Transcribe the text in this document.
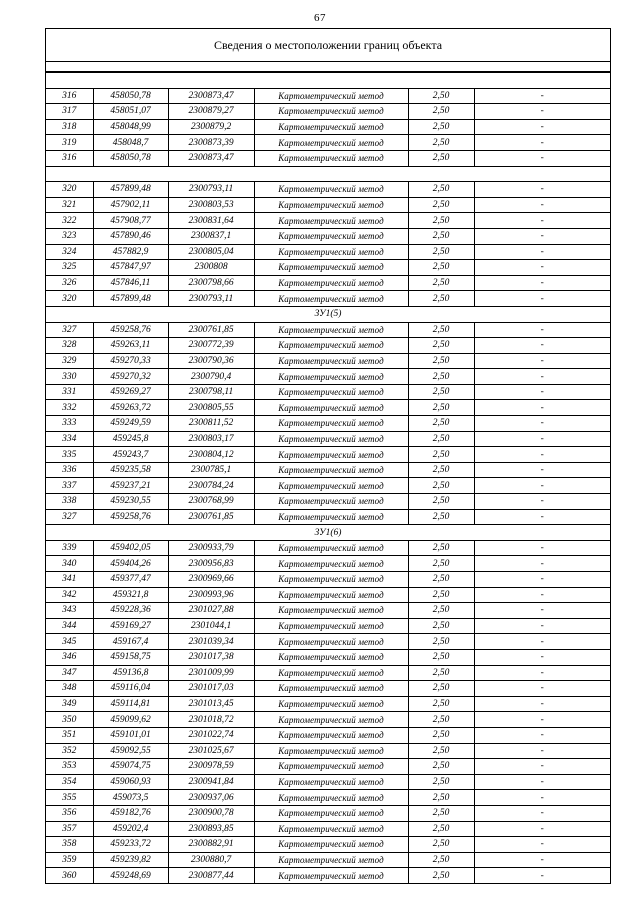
67
Сведения о местоположении границ объекта

316	458050,78	2300873,47	Картометрический метод	2,50	-
317	458051,07	2300879,27	Картометрический метод	2,50	-
318	458048,99	2300879,2	Картометрический метод	2,50	-
319	458048,7	2300873,39	Картометрический метод	2,50	-
316	458050,78	2300873,47	Картометрический метод	2,50	-

320	457899,48	2300793,11	Картометрический метод	2,50	-
321	457902,11	2300803,53	Картометрический метод	2,50	-
322	457908,77	2300831,64	Картометрический метод	2,50	-
323	457890,46	2300837,1	Картометрический метод	2,50	-
324	457882,9	2300805,04	Картометрический метод	2,50	-
325	457847,97	2300808	Картометрический метод	2,50	-
326	457846,11	2300798,66	Картометрический метод	2,50	-
320	457899,48	2300793,11	Картометрический метод	2,50	-
ЗУ1(5)					
327	459258,76	2300761,85	Картометрический метод	2,50	-
328	459263,11	2300772,39	Картометрический метод	2,50	-
329	459270,33	2300790,36	Картометрический метод	2,50	-
330	459270,32	2300790,4	Картометрический метод	2,50	-
331	459269,27	2300798,11	Картометрический метод	2,50	-
332	459263,72	2300805,55	Картометрический метод	2,50	-
333	459249,59	2300811,52	Картометрический метод	2,50	-
334	459245,8	2300803,17	Картометрический метод	2,50	-
335	459243,7	2300804,12	Картометрический метод	2,50	-
336	459235,58	2300785,1	Картометрический метод	2,50	-
337	459237,21	2300784,24	Картометрический метод	2,50	-
338	459230,55	2300768,99	Картометрический метод	2,50	-
327	459258,76	2300761,85	Картометрический метод	2,50	-
ЗУ1(6)					
339	459402,05	2300933,79	Картометрический метод	2,50	-
340	459404,26	2300956,83	Картометрический метод	2,50	-
341	459377,47	2300969,66	Картометрический метод	2,50	-
342	459321,8	2300993,96	Картометрический метод	2,50	-
343	459228,36	2301027,88	Картометрический метод	2,50	-
344	459169,27	2301044,1	Картометрический метод	2,50	-
345	459167,4	2301039,34	Картометрический метод	2,50	-
346	459158,75	2301017,38	Картометрический метод	2,50	-
347	459136,8	2301009,99	Картометрический метод	2,50	-
348	459116,04	2301017,03	Картометрический метод	2,50	-
349	459114,81	2301013,45	Картометрический метод	2,50	-
350	459099,62	2301018,72	Картометрический метод	2,50	-
351	459101,01	2301022,74	Картометрический метод	2,50	-
352	459092,55	2301025,67	Картометрический метод	2,50	-
353	459074,75	2300978,59	Картометрический метод	2,50	-
354	459060,93	2300941,84	Картометрический метод	2,50	-
355	459073,5	2300937,06	Картометрический метод	2,50	-
356	459182,76	2300900,78	Картометрический метод	2,50	-
357	459202,4	2300893,85	Картометрический метод	2,50	-
358	459233,72	2300882,91	Картометрический метод	2,50	-
359	459239,82	2300880,7	Картометрический метод	2,50	-
360	459248,69	2300877,44	Картометрический метод	2,50	-
